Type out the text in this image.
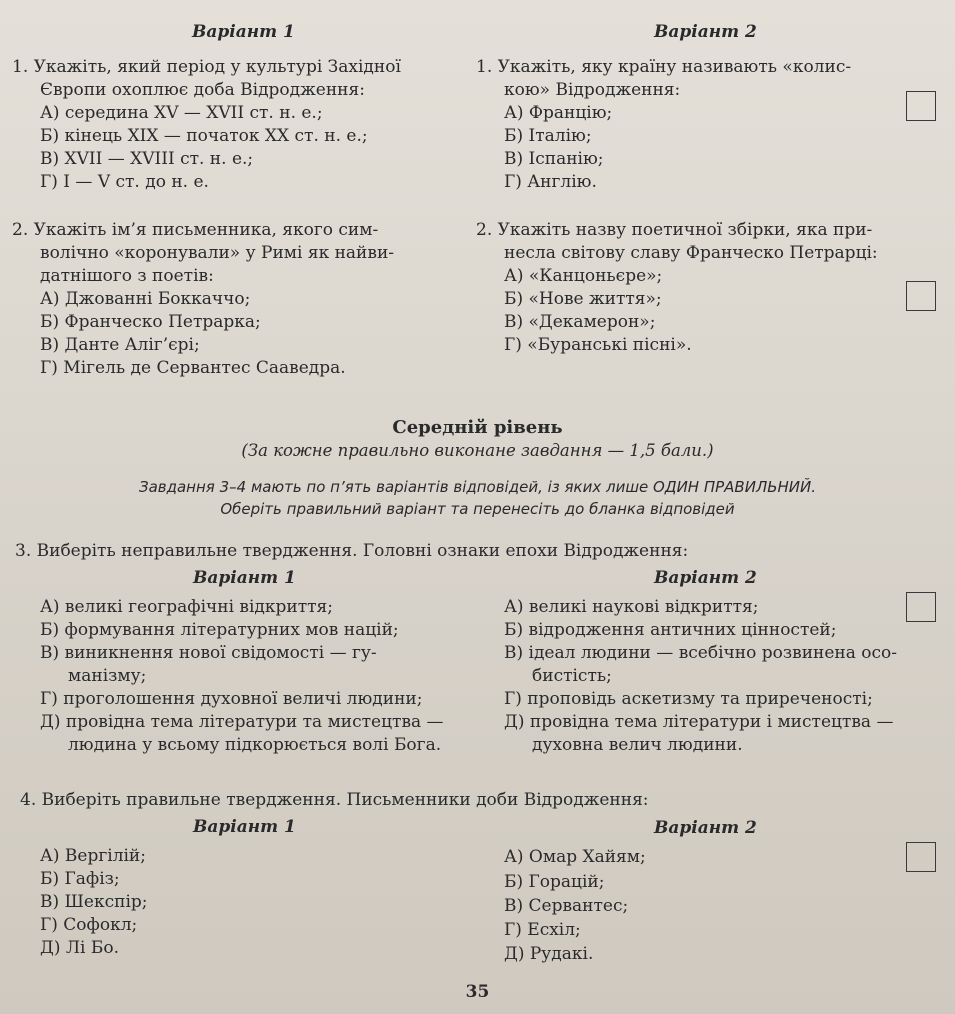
Варіант 1	Варіант 2
1. Укажіть, який період у культурі Західної
Європи охоплює доба Відродження:
А) середина XV — XVII ст. н. е.;
Б) кінець XIX — початок XX ст. н. е.;
В) XVII — XVIII ст. н. е.;
Г) I — V ст. до н. е.
1. Укажіть, яку країну називають «колис-
кою» Відродження:
А) Францію;
Б) Італію;
В) Іспанію;
Г) Англію.
2. Укажіть ім’я письменника, якого сим-
волічно «коронували» у Римі як найви-
датнішого з поетів:
А) Джованні Боккаччо;
Б) Франческо Петрарка;
В) Данте Аліг’єрі;
Г) Мігель де Сервантес Сааведра.
2. Укажіть назву поетичної збірки, яка при-
несла світову славу Франческо Петрарці:
А) «Канцоньєре»;
Б) «Нове життя»;
В) «Декамерон»;
Г) «Буранські пісні».
Середній рівень
(За кожне правильно виконане завдання — 1,5 бали.)
Завдання 3–4 мають по п’ять варіантів відповідей, із яких лише ОДИН ПРАВИЛЬНИЙ.
Оберіть правильний варіант та перенесіть до бланка відповідей
3. Виберіть неправильне твердження. Головні ознаки епохи Відродження:
Варіант 1	Варіант 2
А) великі географічні відкриття;
Б) формування літературних мов націй;
В) виникнення нової свідомості — гу-
манізму;
Г) проголошення духовної величі людини;
Д) провідна тема літератури та мистецтва —
людина у всьому підкорюється волі Бога.
А) великі наукові відкриття;
Б) відродження античних цінностей;
В) ідеал людини — всебічно розвинена осо-
бистість;
Г) проповідь аскетизму та приреченості;
Д) провідна тема літератури і мистецтва —
духовна велич людини.
4. Виберіть правильне твердження. Письменники доби Відродження:
Варіант 1	Варіант 2
А) Вергілій;
Б) Гафіз;
В) Шекспір;
Г) Софокл;
Д) Лі Бо.
А) Омар Хайям;
Б) Горацій;
В) Сервантес;
Г) Есхіл;
Д) Рудакі.
35
